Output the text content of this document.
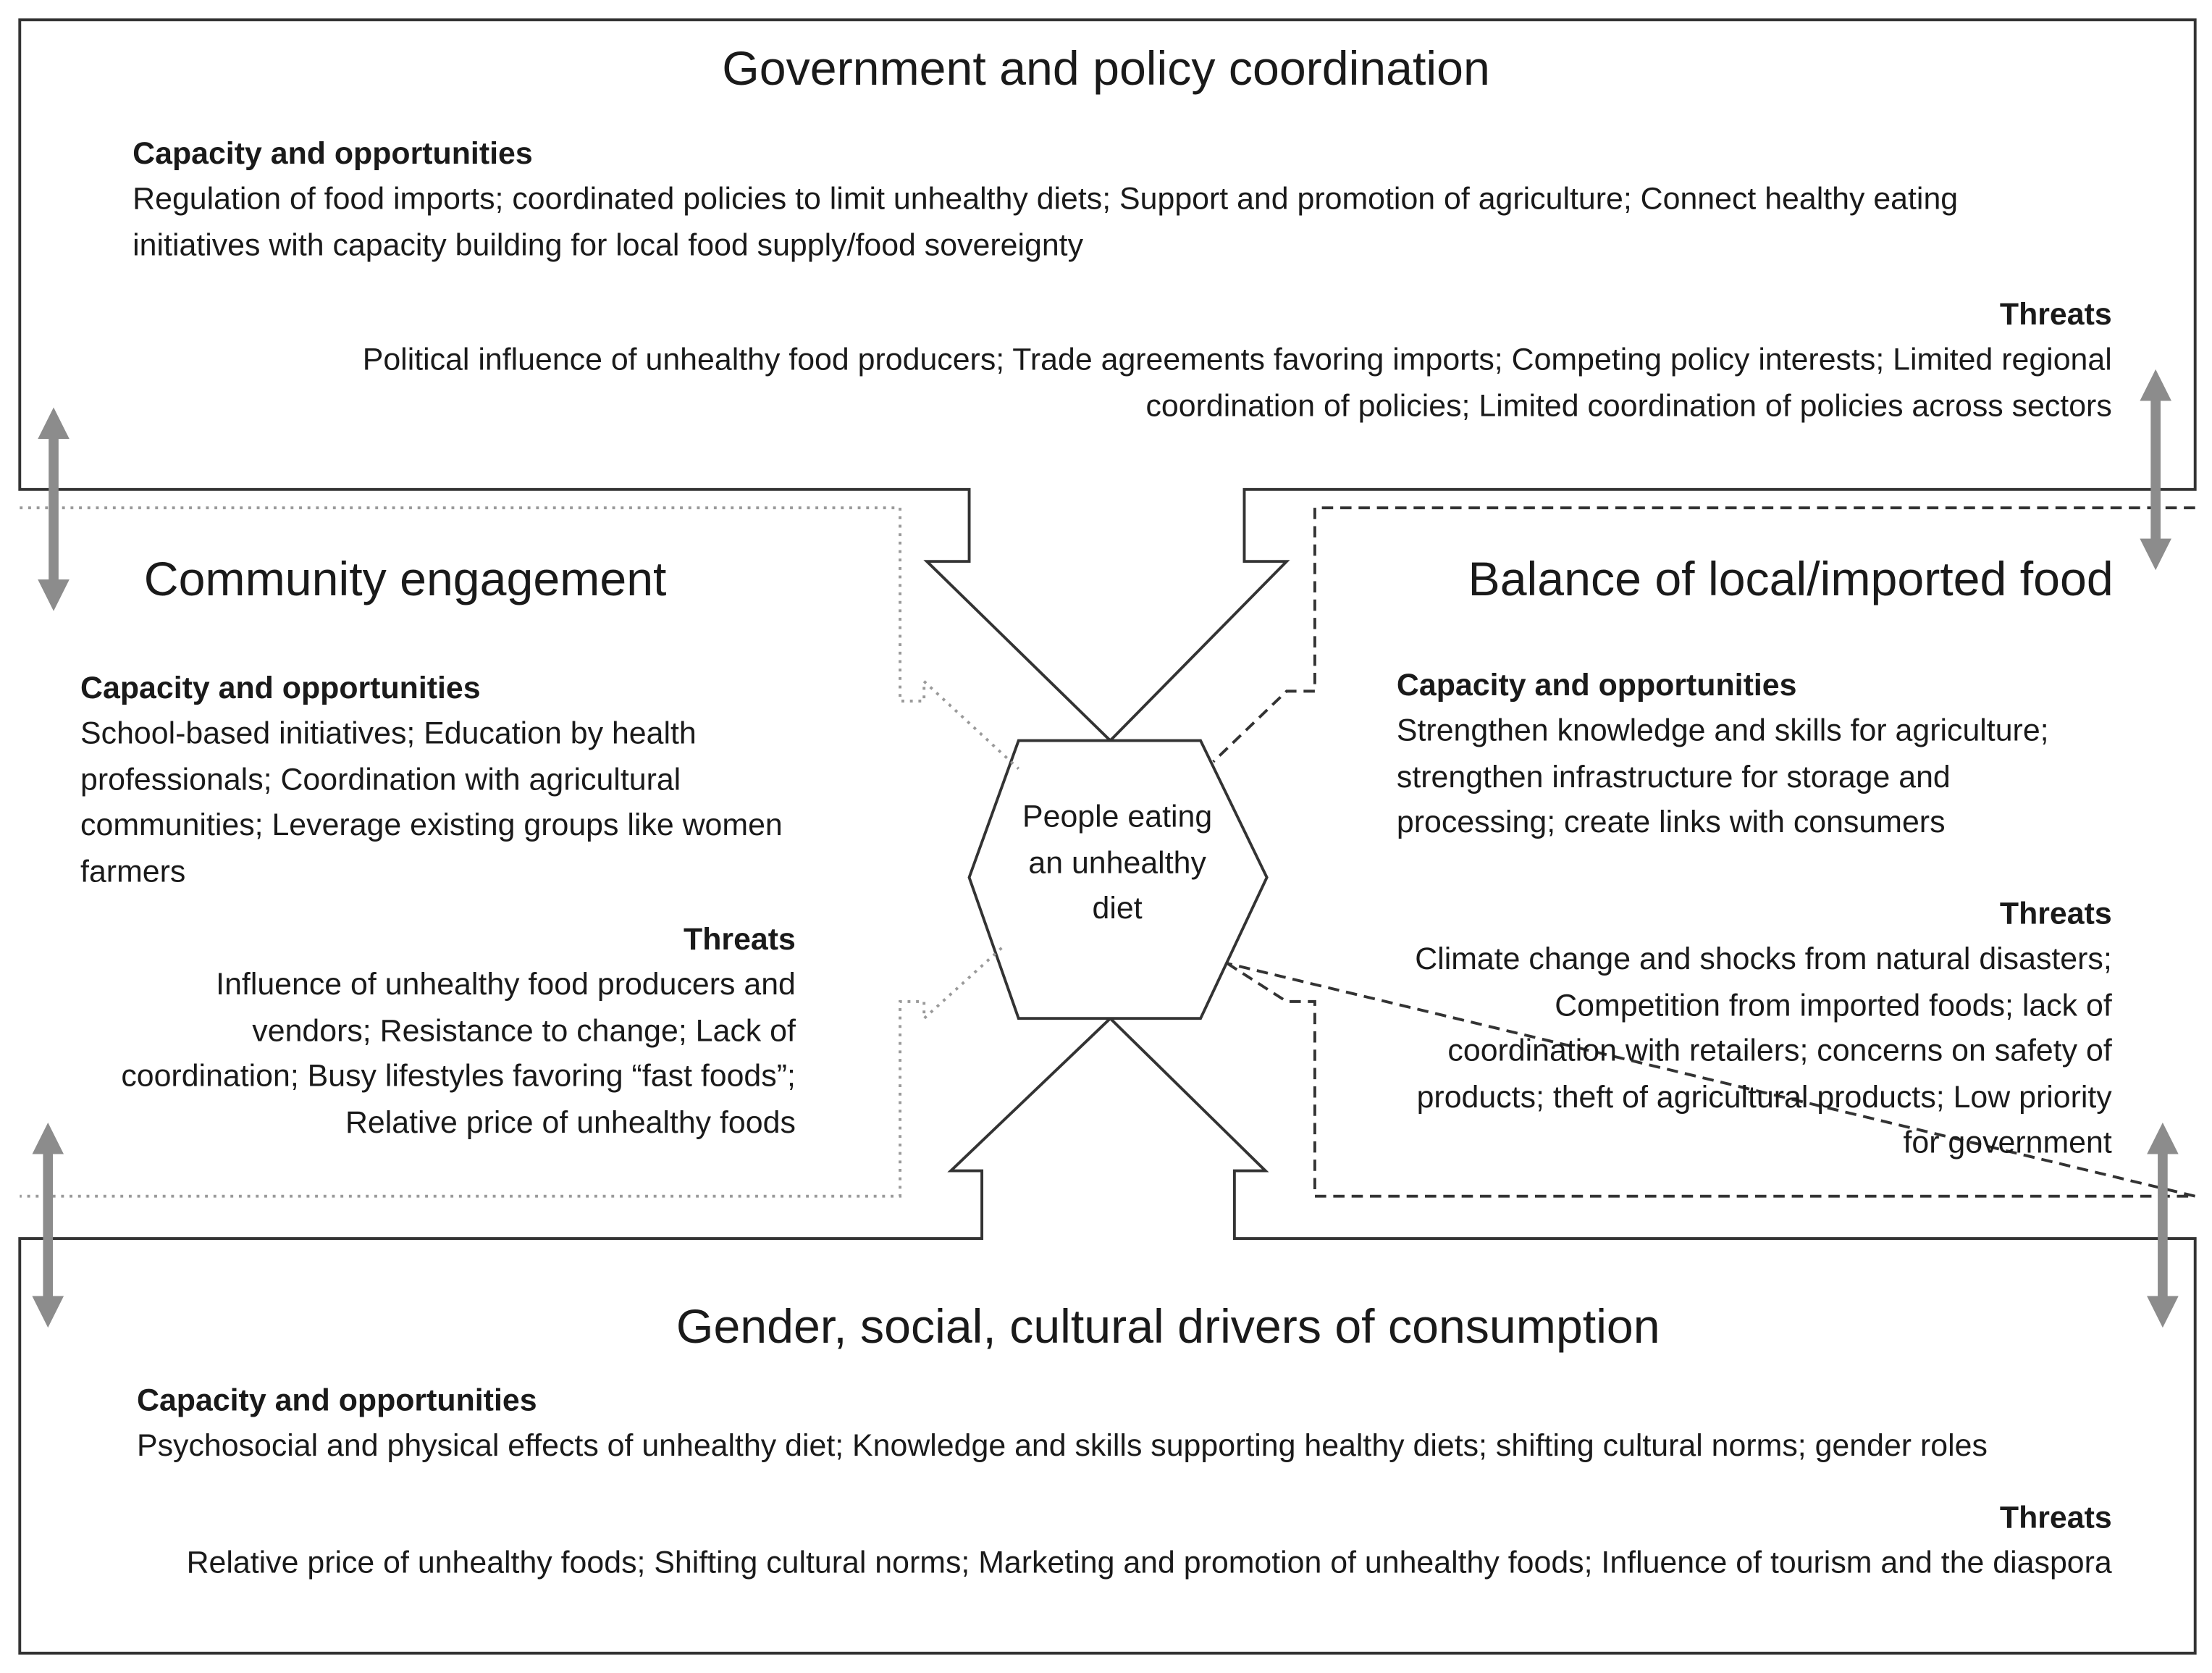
Government and policy coordination
Capacity and opportunities
Regulation of food imports; coordinated policies to limit unhealthy diets; Support and promotion of agriculture; Connect healthy eating initiatives with capacity building for local food supply/food sovereignty
Threats
Political influence of unhealthy food producers; Trade agreements favoring imports; Competing policy interests; Limited regional coordination of policies; Limited coordination of policies across sectors
Community engagement
Capacity and opportunities
School-based initiatives; Education by health professionals; Coordination with agricultural communities; Leverage existing groups like women farmers
Threats
Influence of unhealthy food producers and vendors; Resistance to change; Lack of coordination; Busy lifestyles favoring “fast foods”; Relative price of unhealthy foods
Balance of local/imported food
Capacity and opportunities
Strengthen knowledge and skills for agriculture; strengthen infrastructure for storage and processing; create links with consumers
Threats
Climate change and shocks from natural disasters; Competition from imported foods; lack of coordination with retailers; concerns on safety of products; theft of agricultural products; Low priority for government
People eating an unhealthy diet
Gender, social, cultural drivers of consumption
Capacity and opportunities
Psychosocial and physical effects of unhealthy diet; Knowledge and skills supporting healthy diets; shifting cultural norms; gender roles
Threats
Relative price of unhealthy foods; Shifting cultural norms; Marketing and promotion of unhealthy foods; Influence of tourism and the diaspora
